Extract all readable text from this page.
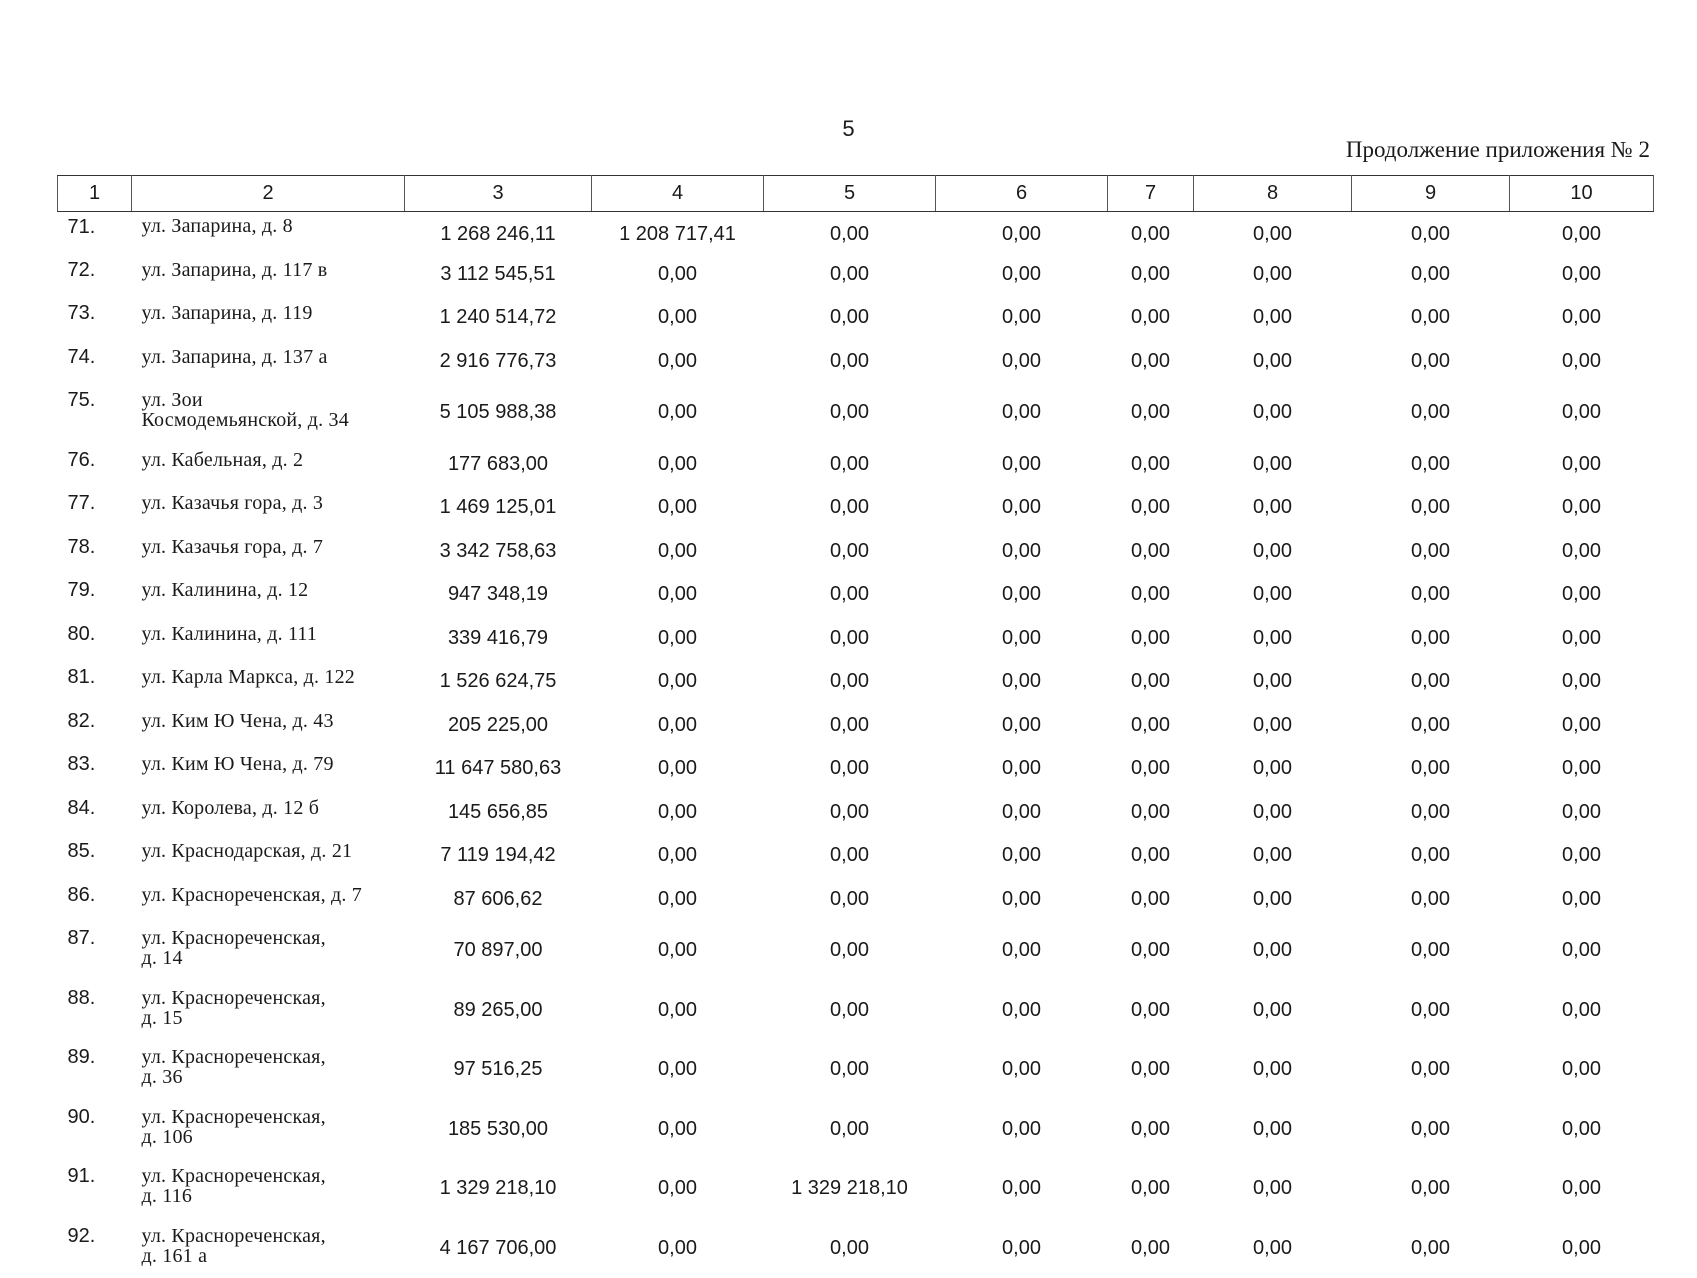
5
Продолжение приложения № 2
1	2	3	4	5	6	7	8	9	10
71.	ул. Запарина, д. 8	1 268 246,11	1 208 717,41	0,00	0,00	0,00	0,00	0,00	0,00
72.	ул. Запарина, д. 117 в	3 112 545,51	0,00	0,00	0,00	0,00	0,00	0,00	0,00
73.	ул. Запарина, д. 119	1 240 514,72	0,00	0,00	0,00	0,00	0,00	0,00	0,00
74.	ул. Запарина, д. 137 а	2 916 776,73	0,00	0,00	0,00	0,00	0,00	0,00	0,00
75.	ул. Зои
Космодемьянской, д. 34	5 105 988,38	0,00	0,00	0,00	0,00	0,00	0,00	0,00
76.	ул. Кабельная, д. 2	177 683,00	0,00	0,00	0,00	0,00	0,00	0,00	0,00
77.	ул. Казачья гора, д. 3	1 469 125,01	0,00	0,00	0,00	0,00	0,00	0,00	0,00
78.	ул. Казачья гора, д. 7	3 342 758,63	0,00	0,00	0,00	0,00	0,00	0,00	0,00
79.	ул. Калинина, д. 12	947 348,19	0,00	0,00	0,00	0,00	0,00	0,00	0,00
80.	ул. Калинина, д. 111	339 416,79	0,00	0,00	0,00	0,00	0,00	0,00	0,00
81.	ул. Карла Маркса, д. 122	1 526 624,75	0,00	0,00	0,00	0,00	0,00	0,00	0,00
82.	ул. Ким Ю Чена, д. 43	205 225,00	0,00	0,00	0,00	0,00	0,00	0,00	0,00
83.	ул. Ким Ю Чена, д. 79	11 647 580,63	0,00	0,00	0,00	0,00	0,00	0,00	0,00
84.	ул. Королева, д. 12 б	145 656,85	0,00	0,00	0,00	0,00	0,00	0,00	0,00
85.	ул. Краснодарская, д. 21	7 119 194,42	0,00	0,00	0,00	0,00	0,00	0,00	0,00
86.	ул. Краснореченская, д. 7	87 606,62	0,00	0,00	0,00	0,00	0,00	0,00	0,00
87.	ул. Краснореченская,
д. 14	70 897,00	0,00	0,00	0,00	0,00	0,00	0,00	0,00
88.	ул. Краснореченская,
д. 15	89 265,00	0,00	0,00	0,00	0,00	0,00	0,00	0,00
89.	ул. Краснореченская,
д. 36	97 516,25	0,00	0,00	0,00	0,00	0,00	0,00	0,00
90.	ул. Краснореченская,
д. 106	185 530,00	0,00	0,00	0,00	0,00	0,00	0,00	0,00
91.	ул. Краснореченская,
д. 116	1 329 218,10	0,00	1 329 218,10	0,00	0,00	0,00	0,00	0,00
92.	ул. Краснореченская,
д. 161 а	4 167 706,00	0,00	0,00	0,00	0,00	0,00	0,00	0,00
